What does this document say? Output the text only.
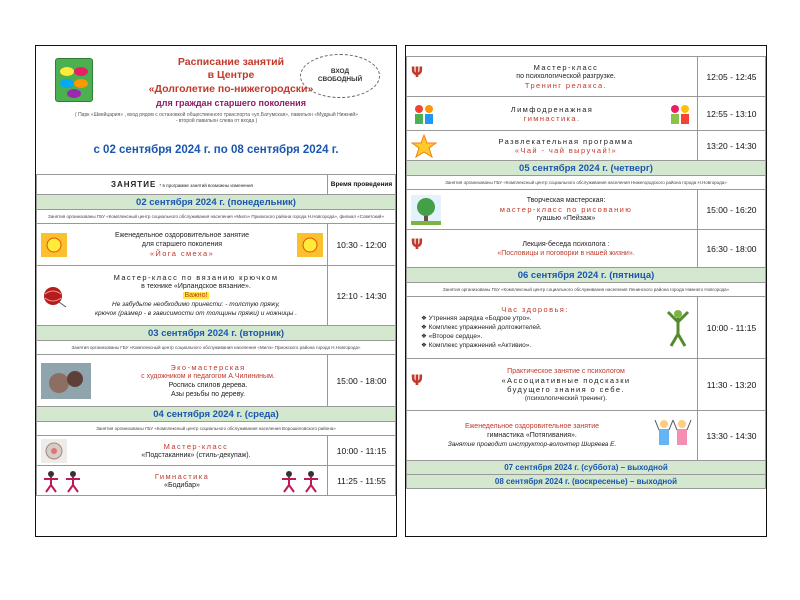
Расписание занятий
в Центре
«Долголетие по-нижегородски»
для граждан старшего поколения
( Парк «Швейцария» , вход рядом с остановкой общественного транспорта «ул.Батумская», павильон «Мудрый Нижний» - второй павильон слева от входа )
ВХОД
СВОБОДНЫЙ
с 02 сентября 2024 г. по 08 сентября 2024 г.
ЗАНЯТИЕ * в программе занятий возможны изменения	Время проведения
02 сентября 2024 г. (понедельник)	
Занятия организованы ГБУ «Комплексный центр социального обслуживания населения «Милэ» Приокского района города Н.Новгорода», филиал «Советский»	

Еженедельное оздоровительное занятие
для старшего поколения
«Йога смеха»	10:30 - 12:00

Мастер-класс по вязанию крючком
в технике «Ирландское вязание».
Важно!
Не забудьте необходимо принести: - толстую пряжу,
крючок (размер - в зависимости от толщины пряжи) и ножницы .	12:10 - 14:30
03 сентября 2024 г. (вторник)	
Занятия организованы ГБУ «Комплексный центр социального обслуживания населения «Милэ» Приокского района города Н.Новгорода»	

Эко-мастерская
с художником и педагогом А.Чилининым.
Роспись спилов дерева.
Азы резьбы по дереву.	15:00 - 18:00
04 сентября 2024 г. (среда)	
Занятия организованы ГБУ «Комплексный центр социального обслуживания населения Ворошиловского района»	

Мастер-класс
«Подстаканник» (стиль-декупаж).	10:00 - 11:15

Гимнастика
«Бодибар»	11:25 - 11:55
Ψ Мастер-класс
по психологической разгрузке.
Тренинг релакса.	12:05 - 12:45

Лимфодренажная
гимнастика.	12:55 - 13:10

Развлекательная программа
«Чай - чай выручай!»	13:20 - 14:30
05 сентября 2024 г. (четверг)	
Занятия организованы ГБУ «Комплексный центр социального обслуживания населения Нижегородского района города Н.Новгорода»	

Творческая мастерская:
мастер-класс по рисованию
гуашью «Пейзаж»	15:00 - 16:20

Ψ Лекция-беседа психолога :
«Пословицы и поговорки в нашей жизни».	16:30 - 18:00
06 сентября 2024 г. (пятница)	
Занятия организованы ГБУ «Комплексный центр социального обслуживания населения Ленинского района города Нижнего Новгорода»	

Час здоровья:
❖ Утренняя зарядка «Бодрое утро».
❖ Комплекс упражнений долгожителей.
❖ «Второе сердце».
❖ Комплекс упражнений «Активио».	10:00 - 11:15

Ψ
Практическое занятие с психологом
«Ассоциативные подсказки
будущего знания о себе.
(психологический тренинг).	11:30 - 13:20

Еженедельное оздоровительное занятие
гимнастика «Потягивания».
Занятие проводит инструктор-волонтер Ширяева Е.	13:30 - 14:30
07 сентября 2024 г. (суббота) – выходной	
08 сентября 2024 г. (воскресенье) – выходной	
